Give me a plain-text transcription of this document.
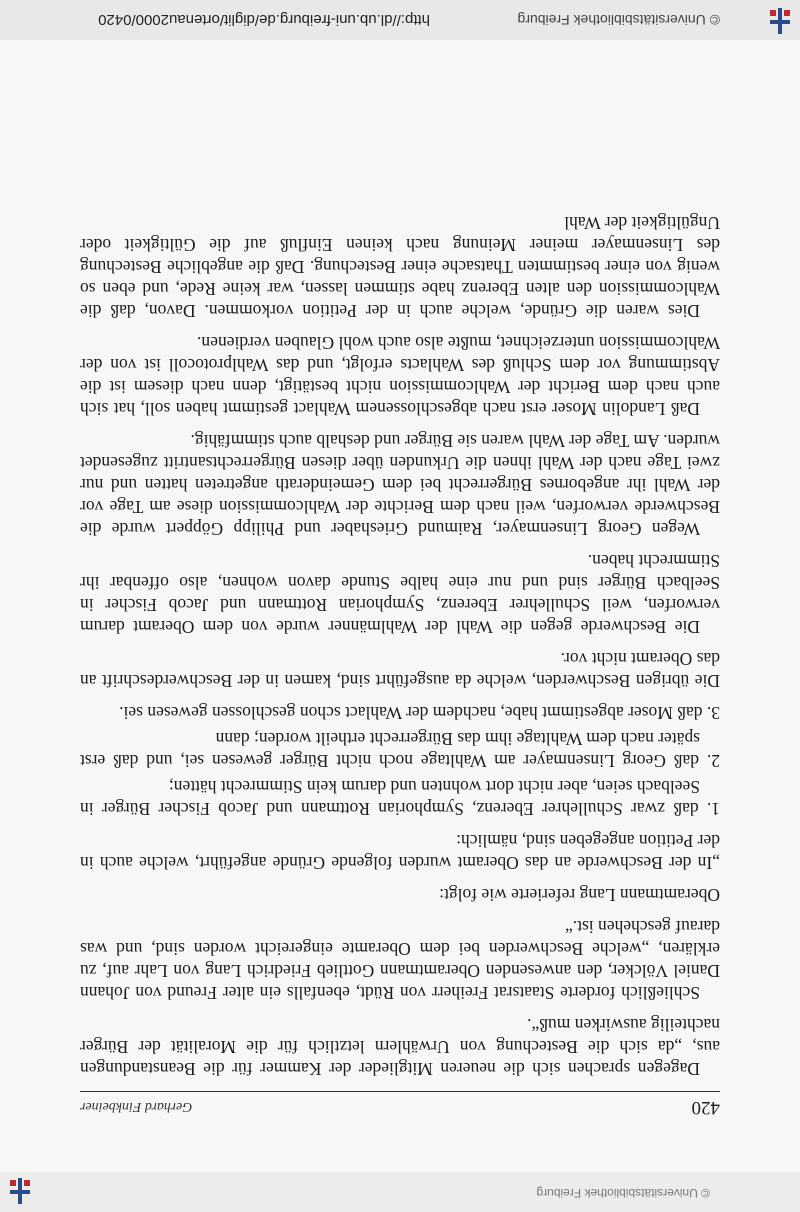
© Universitätsbibliothek Freiburg
420
Gerhard Finkbeiner

Dagegen sprachen sich die neueren Mitglieder der Kammer für die Beanstandungen aus, „da sich die Bestechung von Urwählern letztlich für die Moralität der Bürger nachteilig auswirken muß“.

Schließlich forderte Staatsrat Freiherr von Rüdt, ebenfalls ein alter Freund von Johann Daniel Völcker, den anwesenden Oberamtmann Gottlieb Friedrich Lang von Lahr auf, zu erklären, „welche Beschwerden bei dem Oberamte eingereicht worden sind, und was darauf geschehen ist.“

Oberamtmann Lang referierte wie folgt:

„In der Beschwerde an das Oberamt wurden folgende Gründe angeführt, welche auch in der Petition angegeben sind, nämlich:

1. daß zwar Schullehrer Eberenz, Symphorian Rottmann und Jacob Fischer Bürger in Seelbach seien, aber nicht dort wohnten und darum kein Stimmrecht hätten;

2. daß Georg Linsenmayer am Wahltage noch nicht Bürger gewesen sei, und daß erst später nach dem Wahltage ihm das Bürgerrecht ertheilt worden; dann

3. daß Moser abgestimmt habe, nachdem der Wahlact schon geschlossen gewesen sei.

Die übrigen Beschwerden, welche da ausgeführt sind, kamen in der Beschwerdeschrift an das Oberamt nicht vor.

Die Beschwerde gegen die Wahl der Wahlmänner wurde von dem Oberamt darum verworfen, weil Schullehrer Eberenz, Symphorian Rottmann und Jacob Fischer in Seelbach Bürger sind und nur eine halbe Stunde davon wohnen, also offenbar ihr Stimmrecht haben.

Wegen Georg Linsenmayer, Raimund Grieshaber und Philipp Göppert wurde die Beschwerde verworfen, weil nach dem Berichte der Wahlcommission diese am Tage vor der Wahl ihr angebornes Bürgerrecht bei dem Gemeinderath angetreten hatten und nur zwei Tage nach der Wahl ihnen die Urkunden über diesen Bürgerrechtsantritt zugesendet wurden. Am Tage der Wahl waren sie Bürger und deshalb auch stimmfähig.

Daß Landolin Moser erst nach abgeschlossenem Wahlact gestimmt haben soll, hat sich auch nach dem Bericht der Wahlcommission nicht bestätigt, denn nach diesem ist die Abstimmung vor dem Schluß des Wahlacts erfolgt, und das Wahlprotocoll ist von der Wahlcommission unterzeichnet, mußte also auch wohl Glauben verdienen.

Dies waren die Gründe, welche auch in der Petition vorkommen. Davon, daß die Wahlcommission den alten Eberenz habe stimmen lassen, war keine Rede, und eben so wenig von einer bestimmten Thatsache einer Bestechung. Daß die angebliche Bestechung des Linsenmayer meiner Meinung nach keinen Einfluß auf die Gültigkeit oder Ungültigkeit der Wahl

© Universitätsbibliothek Freiburg
http://dl.ub.uni-freiburg.de/diglit/ortenau2000/0420
